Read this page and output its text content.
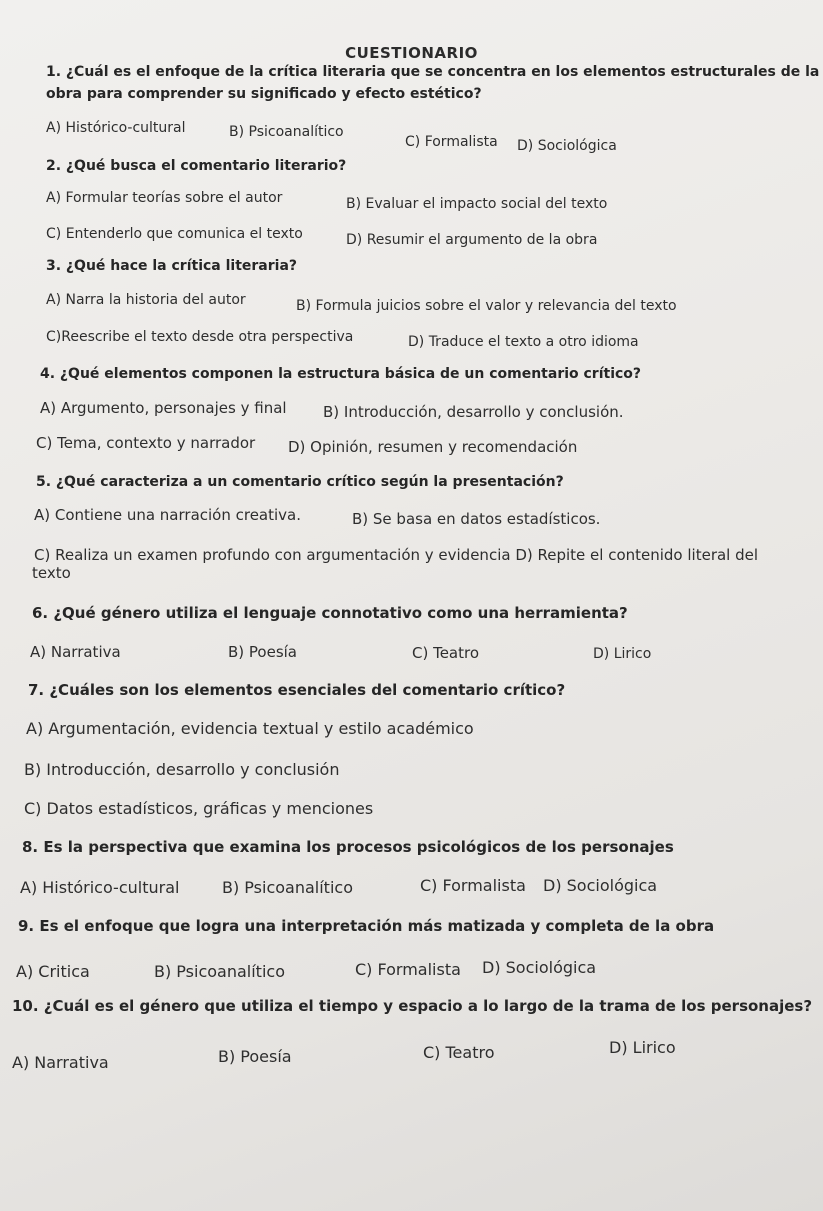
CUESTIONARIO
1. ¿Cuál es el enfoque de la crítica literaria que se concentra en los elementos estructurales de la
obra para comprender su significado y efecto estético?
A) Histórico-cultural	B) Psicoanalítico
C) Formalista D) Sociológica
2. ¿Qué busca el comentario literario?
A) Formular teorías sobre el autor	B) Evaluar el impacto social del texto
C) Entenderlo que comunica el texto	D) Resumir el argumento de la obra
3. ¿Qué hace la crítica literaria?
A) Narra la historia del autor	B) Formula juicios sobre el valor y relevancia del texto
C)Reescribe el texto desde otra perspectiva	D) Traduce el texto a otro idioma
4. ¿Qué elementos componen la estructura básica de un comentario crítico?
A) Argumento, personajes y final B) Introducción, desarrollo y conclusión.
C) Tema, contexto y narrador D) Opinión, resumen y recomendación
5. ¿Qué caracteriza a un comentario crítico según la presentación?
A) Contiene una narración creativa.	B) Se basa en datos estadísticos.
C) Realiza un examen profundo con argumentación y evidencia D) Repite el contenido literal del
texto
6. ¿Qué género utiliza el lenguaje connotativo como una herramienta?
A) Narrativa	B) Poesía	C) Teatro	D) Lirico
7. ¿Cuáles son los elementos esenciales del comentario crítico?
A) Argumentación, evidencia textual y estilo académico
B) Introducción, desarrollo y conclusión
C) Datos estadísticos, gráficas y menciones
8. Es la perspectiva que examina los procesos psicológicos de los personajes
A) Histórico-cultural	B) Psicoanalítico	C) Formalista D) Sociológica
9. Es el enfoque que logra una interpretación más matizada y completa de la obra
A) Critica	B) Psicoanalítico	C) Formalista D) Sociológica
10. ¿Cuál es el género que utiliza el tiempo y espacio a lo largo de la trama de los personajes?
A) Narrativa	B) Poesía	C) Teatro	D) Lirico
